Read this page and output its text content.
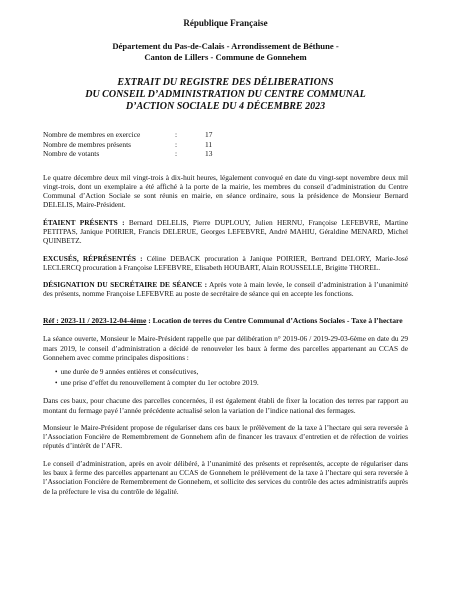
République Française
Département du Pas-de-Calais - Arrondissement de Béthune -
Canton de Lillers - Commune de Gonnehem
EXTRAIT DU REGISTRE DES DÉLIBERATIONS
DU CONSEIL D’ADMINISTRATION DU CENTRE COMMUNAL
D’ACTION SOCIALE DU 4 DÉCEMBRE 2023
Nombre de membres en exercice	:	17
Nombre de membres présents	:	11
Nombre de votants	:	13

Le quatre décembre deux mil vingt-trois à dix-huit heures, légalement convoqué en date du vingt-sept novembre deux mil vingt-trois, dont un exemplaire a été affiché à la porte de la mairie, les membres du conseil d’administration du Centre Communal d’Action Sociale se sont réunis en mairie, en séance ordinaire, sous la présidence de Monsieur Bernard DELELIS, Maire-Président.

ÉTAIENT PRÉSENTS : Bernard DELELIS, Pierre DUPLOUY, Julien HERNU, Françoise LEFEBVRE, Martine PETITPAS, Janique POIRIER, Francis DELERUE, Georges LEFEBVRE, André MAHIU, Géraldine MENARD, Michel QUINBETZ.

EXCUSÉS, RÉPRÉSENTÉS : Céline DEBACK procuration à Janique POIRIER, Bertrand DELORY, Marie-José LECLERCQ procuration à Françoise LEFEBVRE, Elisabeth HOUBART, Alain ROUSSELLE, Brigitte THOREL.

DÉSIGNATION DU SECRÉTAIRE DE SÉANCE : Après vote à main levée, le conseil d’administration à l’unanimité des présents, nomme Françoise LEFEBVRE au poste de secrétaire de séance qui en accepte les fonctions.

Réf : 2023-11 / 2023-12-04-4ème : Location de terres du Centre Communal d’Actions Sociales - Taxe à l’hectare

La séance ouverte, Monsieur le Maire-Président rappelle que par délibération n° 2019-06 / 2019-29-03-6ème en date du 29 mars 2019, le conseil d’administration a décidé de renouveler les baux à ferme des parcelles appartenant au CCAS de Gonnehem avec comme principales dispositions :

• une durée de 9 années entières et consécutives,
• une prise d’effet du renouvellement à compter du 1er octobre 2019.

Dans ces baux, pour chacune des parcelles concernées, il est également établi de fixer la location des terres par rapport au montant du fermage payé l’année précédente actualisé selon la variation de l’indice national des fermages.

Monsieur le Maire-Président propose de régulariser dans ces baux le prélèvement de la taxe à l’hectare qui sera reversée à l’Association Foncière de Remembrement de Gonnehem afin de financer les travaux d’entretien et de réfection de voiries réputés d’intérêt de l’AFR.

Le conseil d’administration, après en avoir délibéré, à l’unanimité des présents et représentés, accepte de régulariser dans les baux à ferme des parcelles appartenant au CCAS de Gonnehem le prélèvement de la taxe à l’hectare qui sera reversée à l’Association Foncière de Remembrement de Gonnehem, et sollicite des services du contrôle des actes administratifs auprès de la préfecture le visa du contrôle de légalité.
